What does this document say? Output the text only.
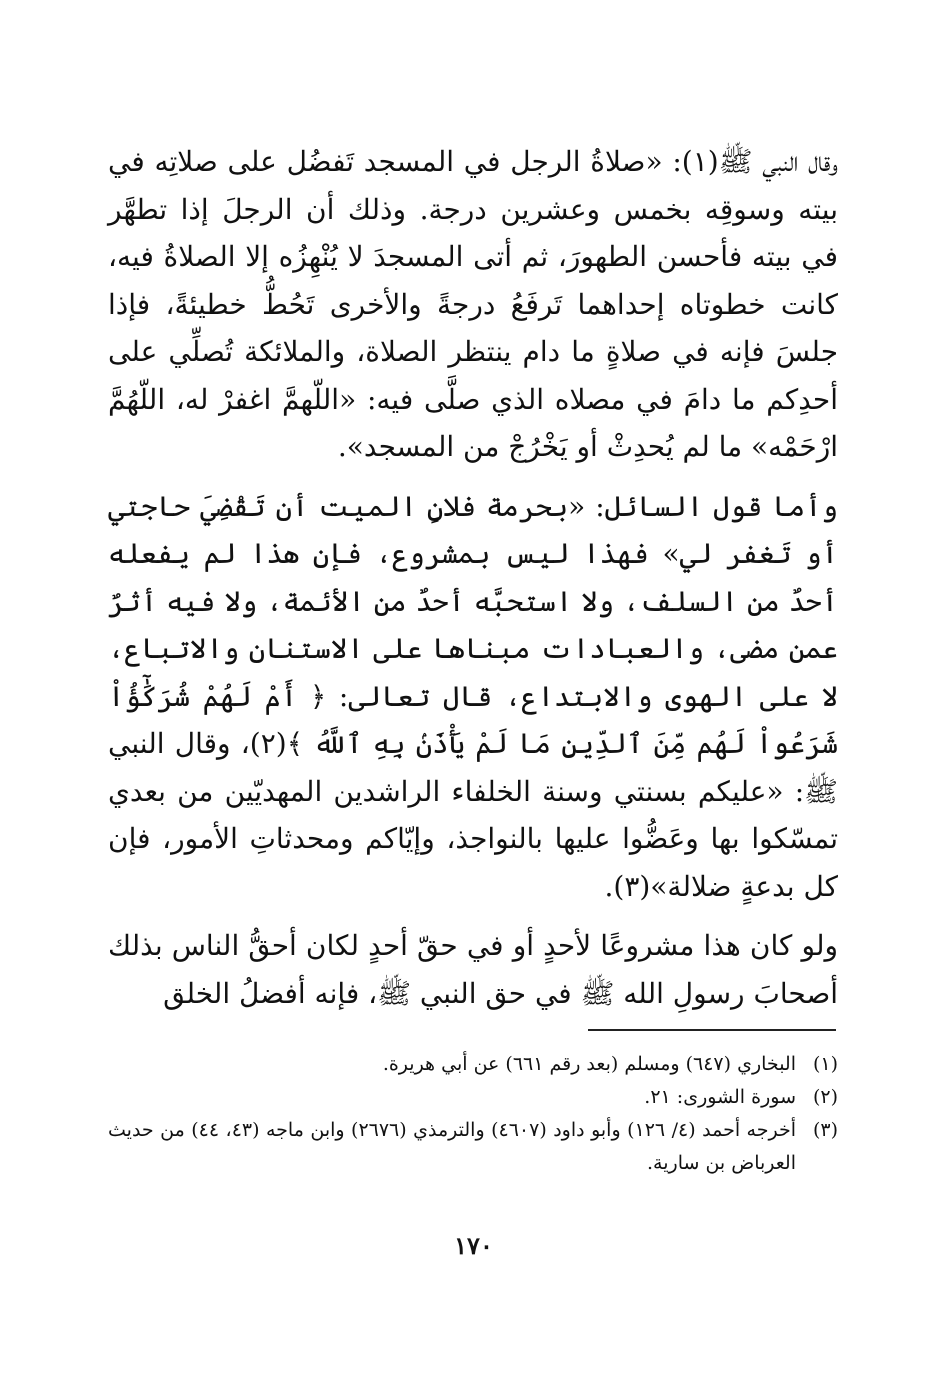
وقال النبي ﷺ(١): «صلاةُ الرجل في المسجد تَفضُل على صلاتِه في بيته وسوقِه بخمس وعشرين درجة. وذلك أن الرجلَ إذا تطهَّر في بيته فأحسن الطهورَ، ثم أتى المسجدَ لا يُنْهِزُه إلا الصلاةُ فيه، كانت خطوتاه إحداهما تَرفَعُ درجةً والأخرى تَحُطُّ خطيئةً، فإذا جلسَ فإنه في صلاةٍ ما دام ينتظر الصلاة، والملائكة تُصلِّي على أحدِكم ما دامَ في مصلاه الذي صلَّى فيه: «اللّهمَّ اغفرْ له، اللّهُمَّ ارْحَمْه» ما لم يُحدِثْ أو يَخْرُجْ من المسجد».

وأما قول السائل: «بحرمة فلانٍ الميت أن تَقْضِيَ حاجتي أو تَغفر لي» فهذا ليس بمشروع، فإن هذا لم يفعله أحدٌ من السلف، ولا استحبَّه أحدٌ من الأئمة، ولا فيه أثرٌ عمن مضى، والعبادات مبناها على الاستنان والاتباع، لا على الهوى والابتداع، قال تعالى: ﴿ أَمْ لَهُمْ شُرَكَٰٓؤُاْ شَرَعُواْ لَهُم مِّنَ ٱلدِّينِ مَا لَمْ يَأْذَنۢ بِهِ ٱللَّهُ ﴾(٢)، وقال النبي ﷺ: «عليكم بسنتي وسنة الخلفاء الراشدين المهديّين من بعدي تمسّكوا بها وعَضُّوا عليها بالنواجذ، وإيّاكم ومحدثاتِ الأمور، فإن كل بدعةٍ ضلالة»(٣).

ولو كان هذا مشروعًا لأحدٍ أو في حقّ أحدٍ لكان أحقُّ الناس بذلك أصحابَ رسولِ الله ﷺ في حق النبي ﷺ، فإنه أفضلُ الخلق

(١)
البخاري (٦٤٧) ومسلم (بعد رقم ٦٦١) عن أبي هريرة.
(٢)
سورة الشورى: ٢١.
(٣)
أخرجه أحمد (٤/ ١٢٦) وأبو داود (٤٦٠٧) والترمذي (٢٦٧٦) وابن ماجه (٤٣، ٤٤) من حديث العرباض بن سارية.
١٧٠
